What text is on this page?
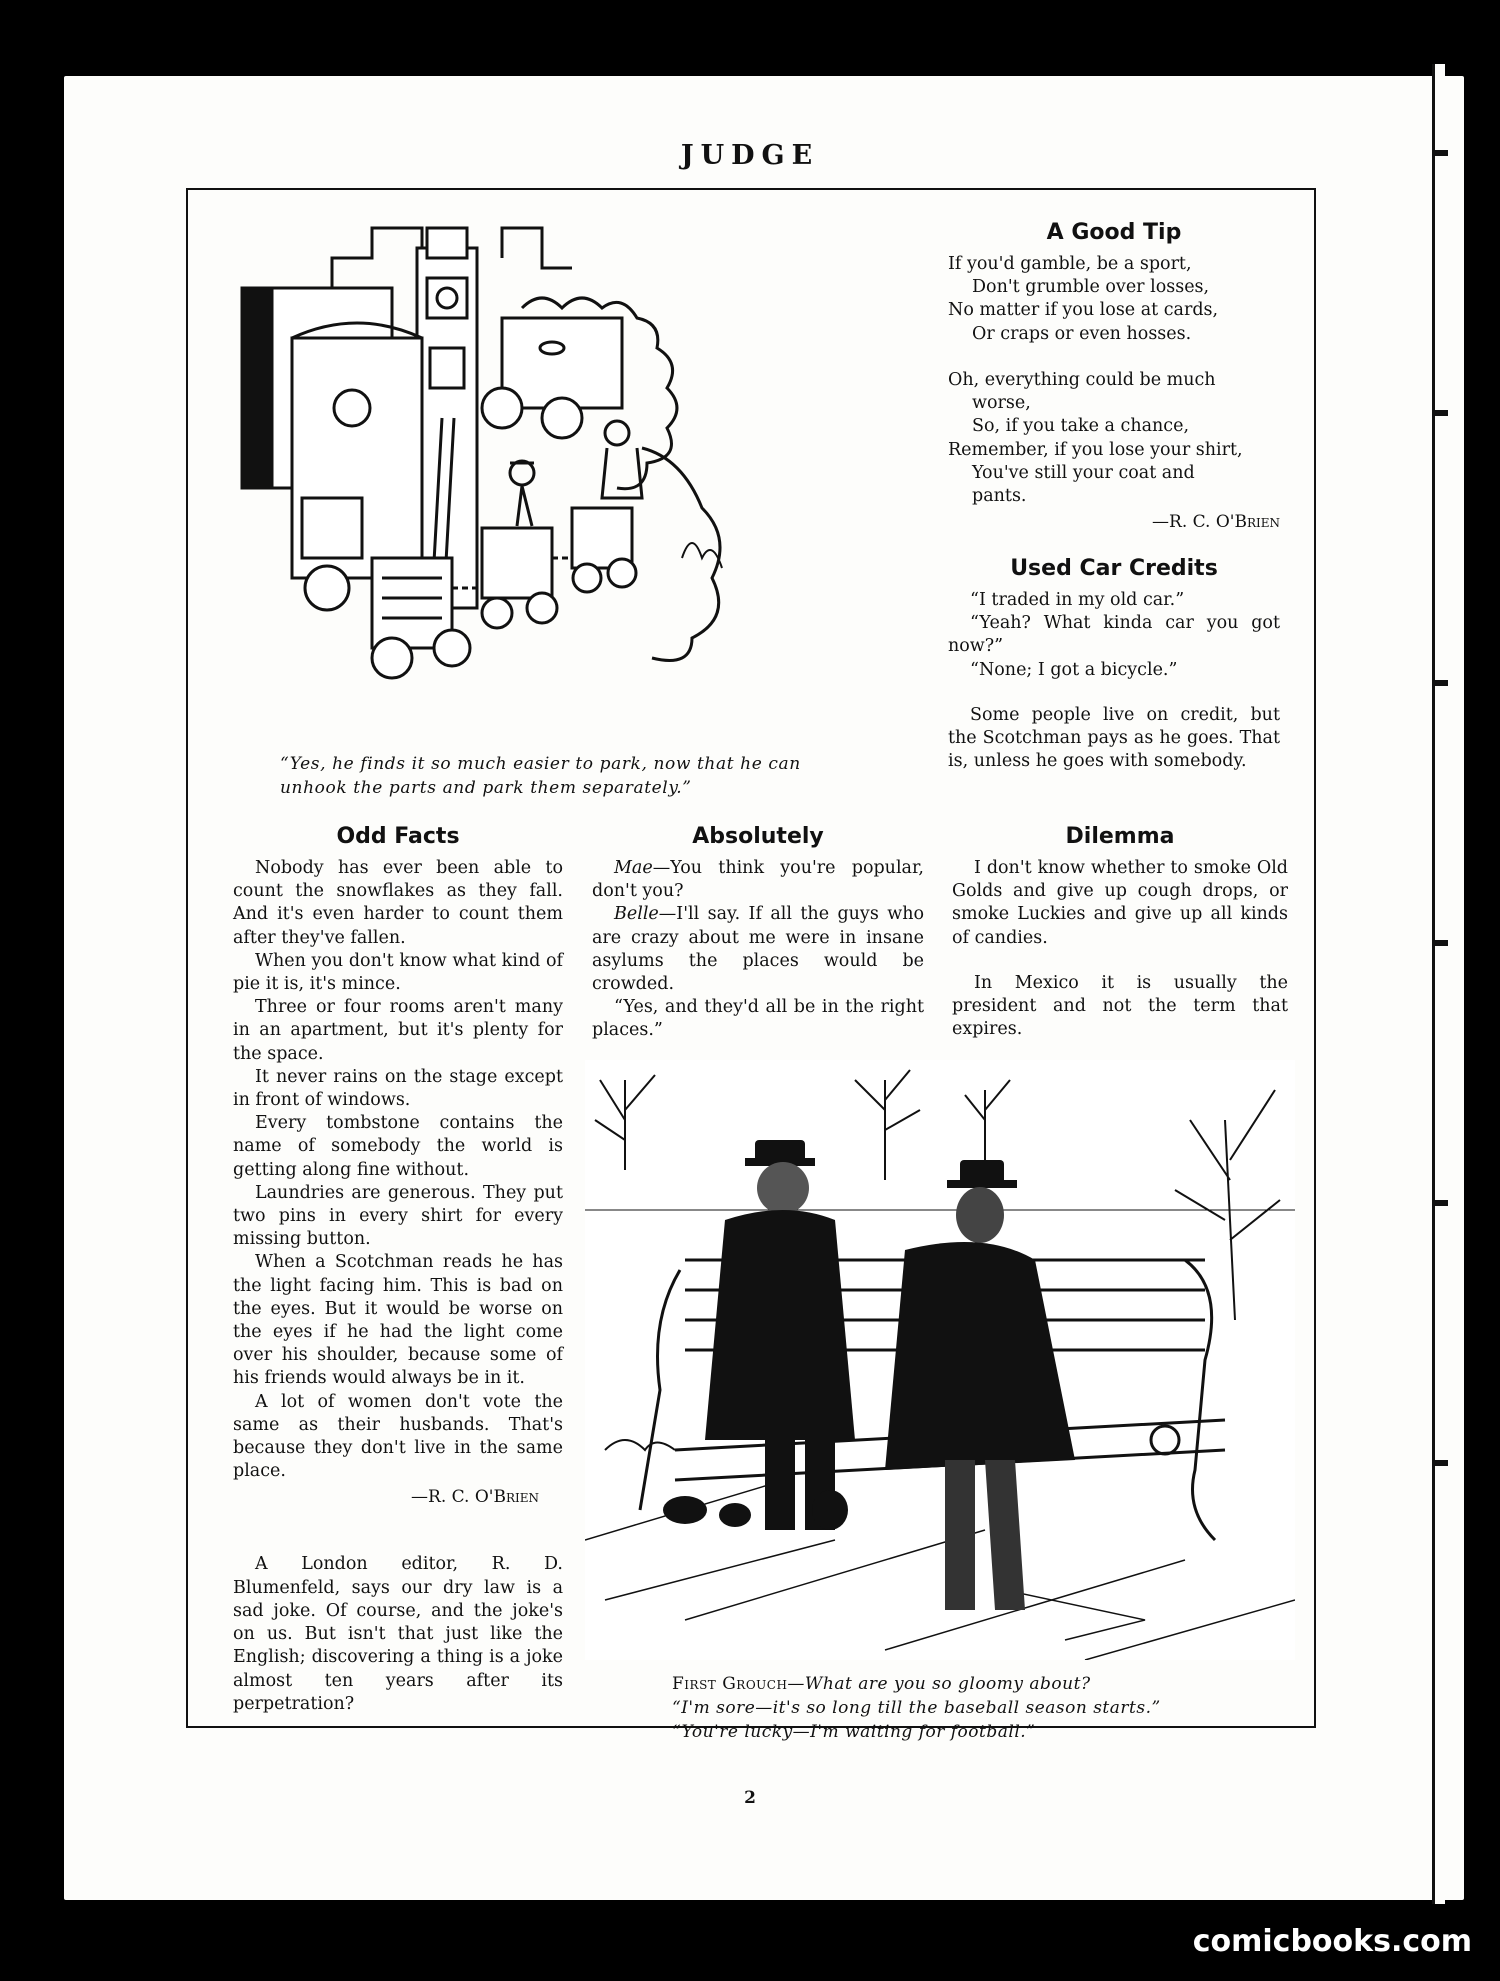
JUDGE
“Yes, he finds it so much easier to park, now that he can unhook the parts and park them separately.”
A Good Tip

If you'd gamble, be a sport,

Don't grumble over losses,

No matter if you lose at cards,

Or craps or even hosses.

Oh, everything could be much

worse,

So, if you take a chance,

Remember, if you lose your shirt,

You've still your coat and

pants.

—R. C. O'Brien
Used Car Credits

“I traded in my old car.”

“Yeah? What kinda car you got now?”

“None; I got a bicycle.”

Some people live on credit, but the Scotchman pays as he goes. That is, unless he goes with somebody.

Odd Facts

Nobody has ever been able to count the snowflakes as they fall. And it's even harder to count them after they've fallen.

When you don't know what kind of pie it is, it's mince.

Three or four rooms aren't many in an apartment, but it's plenty for the space.

It never rains on the stage except in front of windows.

Every tombstone contains the name of somebody the world is getting along fine without.

Laundries are generous. They put two pins in every shirt for every missing button.

When a Scotchman reads he has the light facing him. This is bad on the eyes. But it would be worse on the eyes if he had the light come over his shoulder, because some of his friends would always be in it.

A lot of women don't vote the same as their husbands. That's because they don't live in the same place.

—R. C. O'Brien

A London editor, R. D. Blumenfeld, says our dry law is a sad joke. Of course, and the joke's on us. But isn't that just like the English; discovering a thing is a joke almost ten years after its perpetration?

Absolutely

Mae—You think you're popular, don't you?

Belle—I'll say. If all the guys who are crazy about me were in insane asylums the places would be crowded.

“Yes, and they'd all be in the right places.”

Dilemma

I don't know whether to smoke Old Golds and give up cough drops, or smoke Luckies and give up all kinds of candies.

In Mexico it is usually the president and not the term that expires.

First Grouch—What are you so gloomy about?

“I'm sore—it's so long till the baseball season starts.”

“You're lucky—I'm waiting for football.”

2
comicbooks.com
